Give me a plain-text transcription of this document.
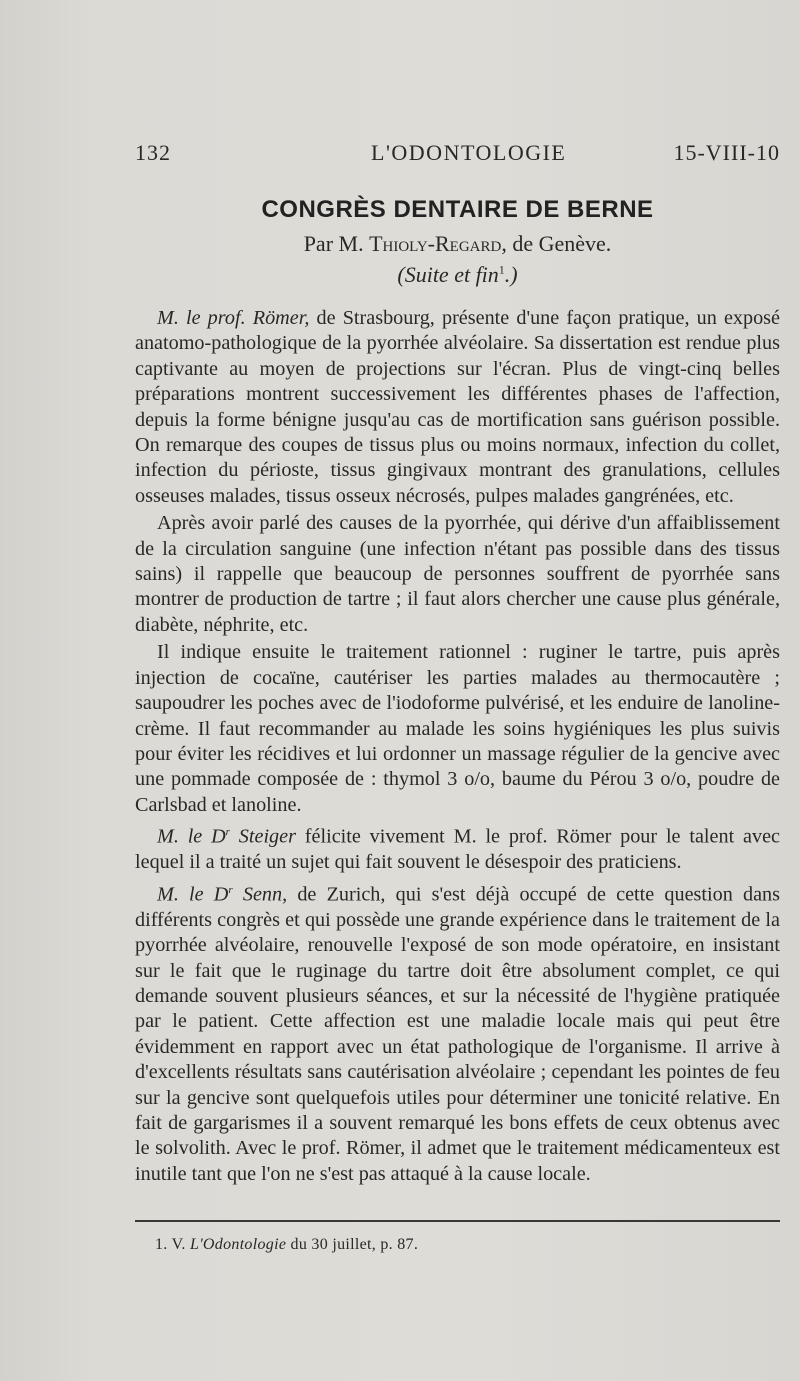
132	L'ODONTOLOGIE	15-VIII-10
CONGRÈS DENTAIRE DE BERNE
Par M. Thioly-Regard, de Genève.
(Suite et fin$^1$.)

M. le prof. Römer, de Strasbourg, présente d'une façon pratique, un exposé anatomo-pathologique de la pyorrhée alvéolaire. Sa dissertation est rendue plus captivante au moyen de projections sur l'écran. Plus de vingt-cinq belles préparations montrent successivement les différentes phases de l'affection, depuis la forme bénigne jusqu'au cas de mortification sans guérison possible. On remarque des coupes de tissus plus ou moins normaux, infection du collet, infection du périoste, tissus gingivaux montrant des granulations, cellules osseuses malades, tissus osseux nécrosés, pulpes malades gangrénées, etc.

Après avoir parlé des causes de la pyorrhée, qui dérive d'un affaiblissement de la circulation sanguine (une infection n'étant pas possible dans des tissus sains) il rappelle que beaucoup de personnes souffrent de pyorrhée sans montrer de production de tartre ; il faut alors chercher une cause plus générale, diabète, néphrite, etc.

Il indique ensuite le traitement rationnel : ruginer le tartre, puis après injection de cocaïne, cautériser les parties malades au thermocautère ; saupoudrer les poches avec de l'iodoforme pulvérisé, et les enduire de lanoline-crème. Il faut recommander au malade les soins hygiéniques les plus suivis pour éviter les récidives et lui ordonner un massage régulier de la gencive avec une pommade composée de : thymol 3 o/o, baume du Pérou 3 o/o, poudre de Carlsbad et lanoline.

M. le $D^r$ Steiger félicite vivement M. le prof. Römer pour le talent avec lequel il a traité un sujet qui fait souvent le désespoir des praticiens.

M. le $D^r$ Senn, de Zurich, qui s'est déjà occupé de cette question dans différents congrès et qui possède une grande expérience dans le traitement de la pyorrhée alvéolaire, renouvelle l'exposé de son mode opératoire, en insistant sur le fait que le ruginage du tartre doit être absolument complet, ce qui demande souvent plusieurs séances, et sur la nécessité de l'hygiène pratiquée par le patient. Cette affection est une maladie locale mais qui peut être évidemment en rapport avec un état pathologique de l'organisme. Il arrive à d'excellents résultats sans cautérisation alvéolaire ; cependant les pointes de feu sur la gencive sont quelquefois utiles pour déterminer une tonicité relative. En fait de gargarismes il a souvent remarqué les bons effets de ceux obtenus avec le solvolith. Avec le prof. Römer, il admet que le traitement médicamenteux est inutile tant que l'on ne s'est pas attaqué à la cause locale.

1. V. L'Odontologie du 30 juillet, p. 87.
